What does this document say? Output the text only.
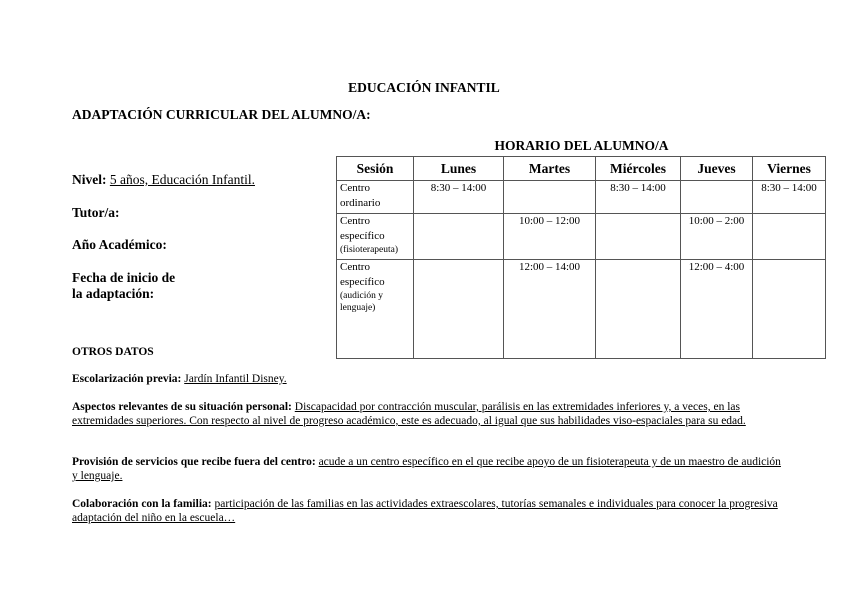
EDUCACIÓN INFANTIL
ADAPTACIÓN CURRICULAR DEL ALUMNO/A:
Nivel: 5 años, Educación Infantil.
Tutor/a:
Año Académico:
Fecha de inicio de
la adaptación:
HORARIO DEL ALUMNO/A
Sesión	Lunes	Martes	Miércoles	Jueves	Viernes

Centro
ordinario	8:30 – 14:00		8:30 – 14:00		8:30 – 14:00

Centro
específico
(fisioterapeuta)		10:00 – 12:00		10:00 – 2:00	

Centro
específico
(audición y lenguaje)		12:00 – 14:00		12:00 – 4:00	
OTROS DATOS
Escolarización previa: Jardín Infantil Disney.
Aspectos relevantes de su situación personal: Discapacidad por contracción muscular, parálisis en las extremidades inferiores y, a veces, en las extremidades superiores. Con respecto al nivel de progreso académico, este es adecuado, al igual que sus habilidades viso-espaciales para su edad.
Provisión de servicios que recibe fuera del centro: acude a un centro específico en el que recibe apoyo de un fisioterapeuta y de un maestro de audición y lenguaje.
Colaboración con la familia: participación de las familias en las actividades extraescolares, tutorías semanales e individuales para conocer la progresiva adaptación del niño en la escuela…
